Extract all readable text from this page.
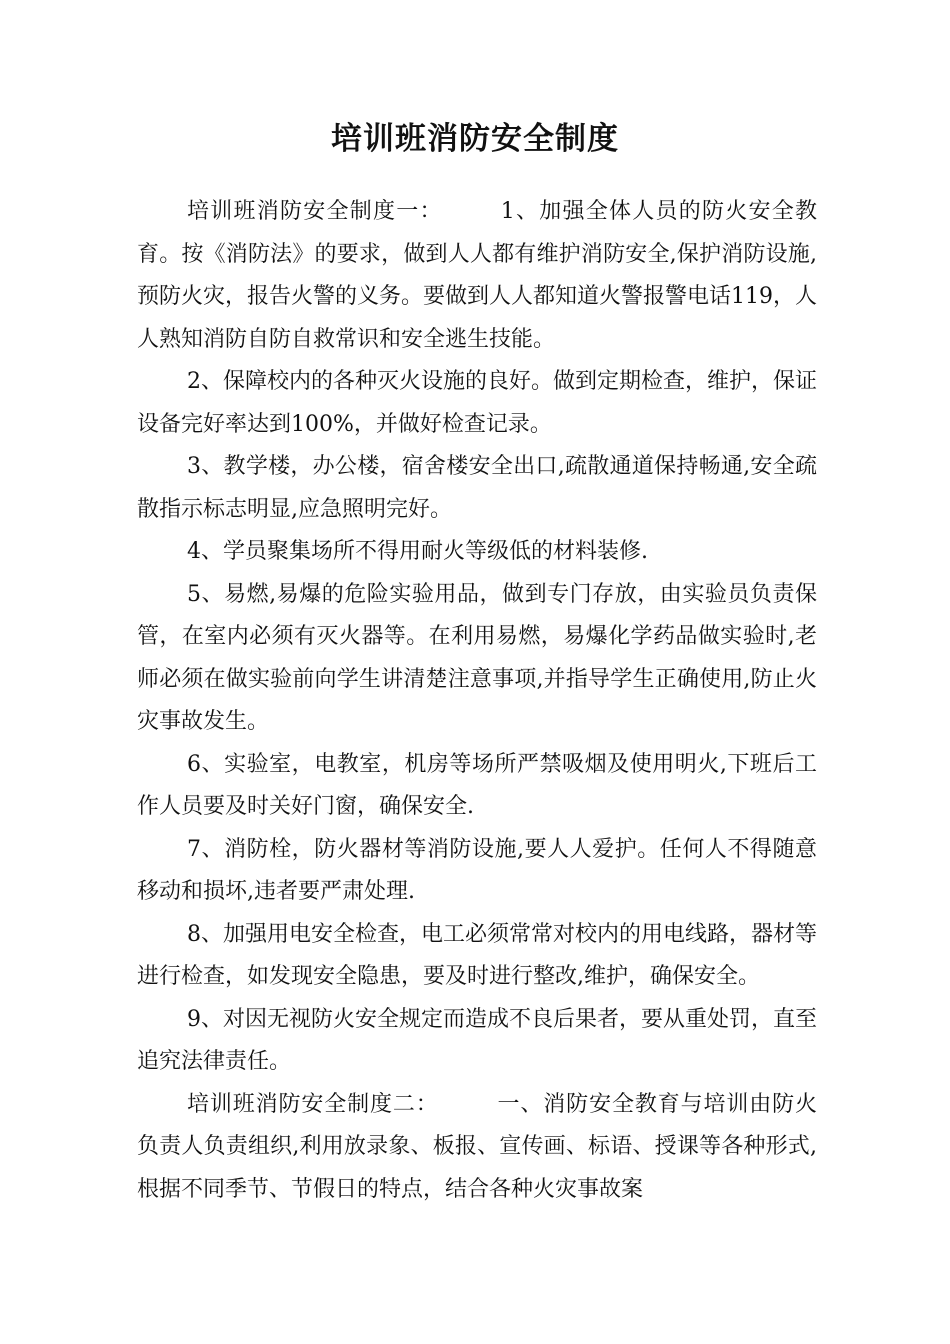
培训班消防安全制度

培训班消防安全制度一：	1、加强全体人员的防火安全教育。按《消防法》的要求，做到人人都有维护消防安全,保护消防设施,预防火灾，报告火警的义务。要做到人人都知道火警报警电话119，人人熟知消防自防自救常识和安全逃生技能。

2、保障校内的各种灭火设施的良好。做到定期检查，维护，保证设备完好率达到100%，并做好检查记录。

3、教学楼，办公楼，宿舍楼安全出口,疏散通道保持畅通,安全疏散指示标志明显,应急照明完好。

4、学员聚集场所不得用耐火等级低的材料装修.

5、易燃,易爆的危险实验用品，做到专门存放，由实验员负责保管，在室内必须有灭火器等。在利用易燃，易爆化学药品做实验时,老师必须在做实验前向学生讲清楚注意事项,并指导学生正确使用,防止火灾事故发生。

6、实验室，电教室，机房等场所严禁吸烟及使用明火,下班后工作人员要及时关好门窗，确保安全.

7、消防栓，防火器材等消防设施,要人人爱护。任何人不得随意移动和损坏,违者要严肃处理.

8、加强用电安全检查，电工必须常常对校内的用电线路，器材等进行检查，如发现安全隐患，要及时进行整改,维护，确保安全。

9、对因无视防火安全规定而造成不良后果者，要从重处罚，直至追究法律责任。

培训班消防安全制度二：	一、消防安全教育与培训由防火负责人负责组织,利用放录象、板报、宣传画、标语、授课等各种形式,根据不同季节、节假日的特点，结合各种火灾事故案
